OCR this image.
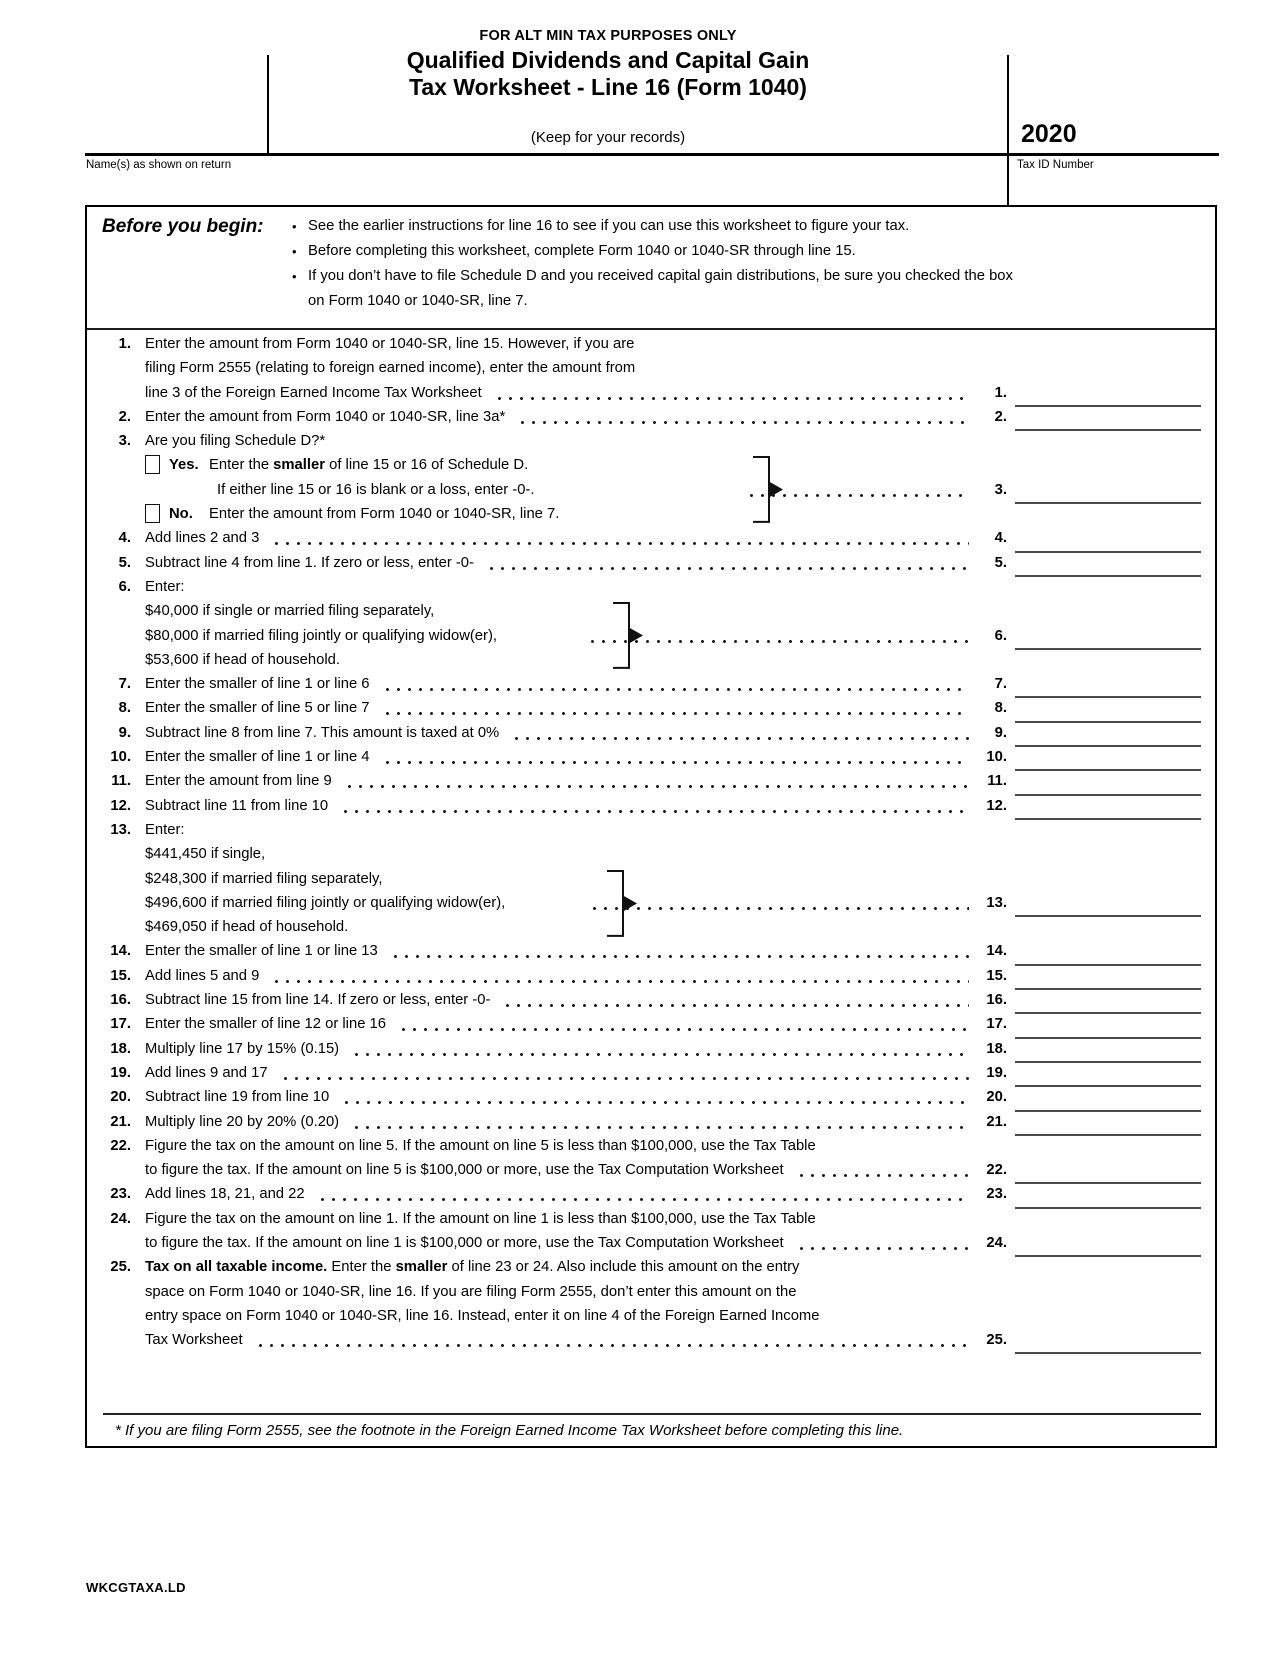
FOR ALT MIN TAX PURPOSES ONLY
Qualified Dividends and Capital Gain
Tax Worksheet - Line 16 (Form 1040)
(Keep for your records)	2020
Name(s) as shown on return	Tax ID Number
Before you begin: • See the earlier instructions for line 16 to see if you can use this worksheet to figure your tax.
• Before completing this worksheet, complete Form 1040 or 1040-SR through line 15.
• If you don’t have to file Schedule D and you received capital gain distributions, be sure you checked the box
on Form 1040 or 1040-SR, line 7.
1. Enter the amount from Form 1040 or 1040-SR, line 15. However, if you are
filing Form 2555 (relating to foreign earned income), enter the amount from
line 3 of the Foreign Earned Income Tax Worksheet	1.
2. Enter the amount from Form 1040 or 1040-SR, line 3a*	2.
3. Are you filing Schedule D?*
Yes. Enter the smaller of line 15 or 16 of Schedule D.
If either line 15 or 16 is blank or a loss, enter -0-.	3.
No.	Enter the amount from Form 1040 or 1040-SR, line 7.
4. Add lines 2 and 3	4.
5. Subtract line 4 from line 1. If zero or less, enter -0-	5.
6. Enter:
$40,000 if single or married filing separately,
$80,000 if married filing jointly or qualifying widow(er),	6.
$53,600 if head of household.
7. Enter the smaller of line 1 or line 6	7.
8. Enter the smaller of line 5 or line 7	8.
9. Subtract line 8 from line 7. This amount is taxed at 0%	9.
10. Enter the smaller of line 1 or line 4	10.
11. Enter the amount from line 9	11.
12. Subtract line 11 from line 10	12.
13. Enter:
$441,450 if single,
$248,300 if married filing separately,
$496,600 if married filing jointly or qualifying widow(er),	13.
$469,050 if head of household.
14. Enter the smaller of line 1 or line 13	14.
15. Add lines 5 and 9	15.
16. Subtract line 15 from line 14. If zero or less, enter -0-	16.
17. Enter the smaller of line 12 or line 16	17.
18. Multiply line 17 by 15% (0.15)	18.
19. Add lines 9 and 17	19.
20. Subtract line 19 from line 10	20.
21. Multiply line 20 by 20% (0.20)	21.
22. Figure the tax on the amount on line 5. If the amount on line 5 is less than $100,000, use the Tax Table
to figure the tax. If the amount on line 5 is $100,000 or more, use the Tax Computation Worksheet	22.
23. Add lines 18, 21, and 22	23.
24. Figure the tax on the amount on line 1. If the amount on line 1 is less than $100,000, use the Tax Table
to figure the tax. If the amount on line 1 is $100,000 or more, use the Tax Computation Worksheet	24.
25. Tax on all taxable income. Enter the smaller of line 23 or 24. Also include this amount on the entry
space on Form 1040 or 1040-SR, line 16. If you are filing Form 2555, don’t enter this amount on the
entry space on Form 1040 or 1040-SR, line 16. Instead, enter it on line 4 of the Foreign Earned Income
Tax Worksheet	25.
* If you are filing Form 2555, see the footnote in the Foreign Earned Income Tax Worksheet before completing this line.
WKCGTAXA.LD
